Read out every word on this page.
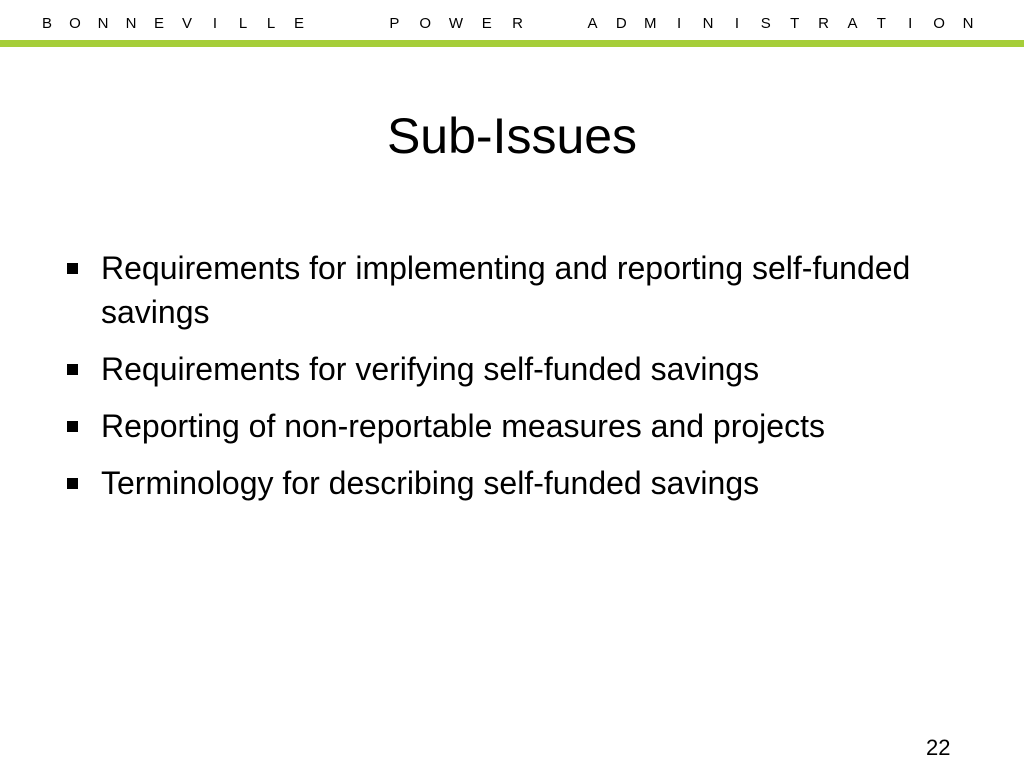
B O N N E V I L L E	P O W E R	A D M I N I S T R A T I O N
Sub-Issues
Requirements for implementing and reporting self-funded savings
Requirements for verifying self-funded savings
Reporting of non-reportable measures and projects
Terminology for describing self-funded savings
22
